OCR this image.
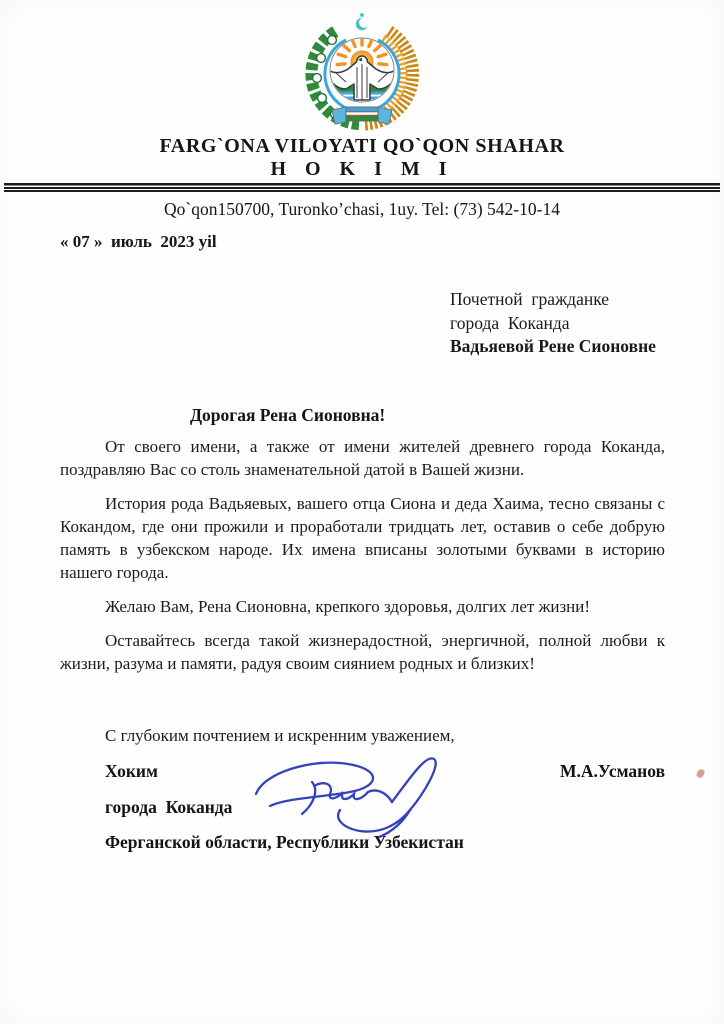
FARG`ONA VILOYATI QO`QON SHAHAR
H O K I M I
Qo`qon150700, Turonko’chasi, 1uy. Tel: (73) 542-10-14
« 07 »  июль  2023 yil
Почетной  гражданке
города  Коканда
Вадьяевой Рене Сионовне
Дорогая Рена Сионовна!

От своего имени, а также от имени жителей древнего города Коканда, поздравляю Вас со столь знаменательной датой в Вашей жизни.

История рода Вадьяевых, вашего отца Сиона и деда Хаима, тесно связаны с Кокандом, где они прожили и проработали тридцать лет, оставив о себе добрую память в узбекском народе. Их имена вписаны золотыми буквами в историю нашего города.

Желаю Вам, Рена Сионовна, крепкого здоровья, долгих лет жизни!

Оставайтесь всегда такой жизнерадостной, энергичной, полной любви к жизни, разума и памяти, радуя своим сиянием родных и близких!

С глубоким почтением и искренним уважением,
Хоким	М.А.Усманов
города  Коканда
Ферганской области, Республики Узбекистан
